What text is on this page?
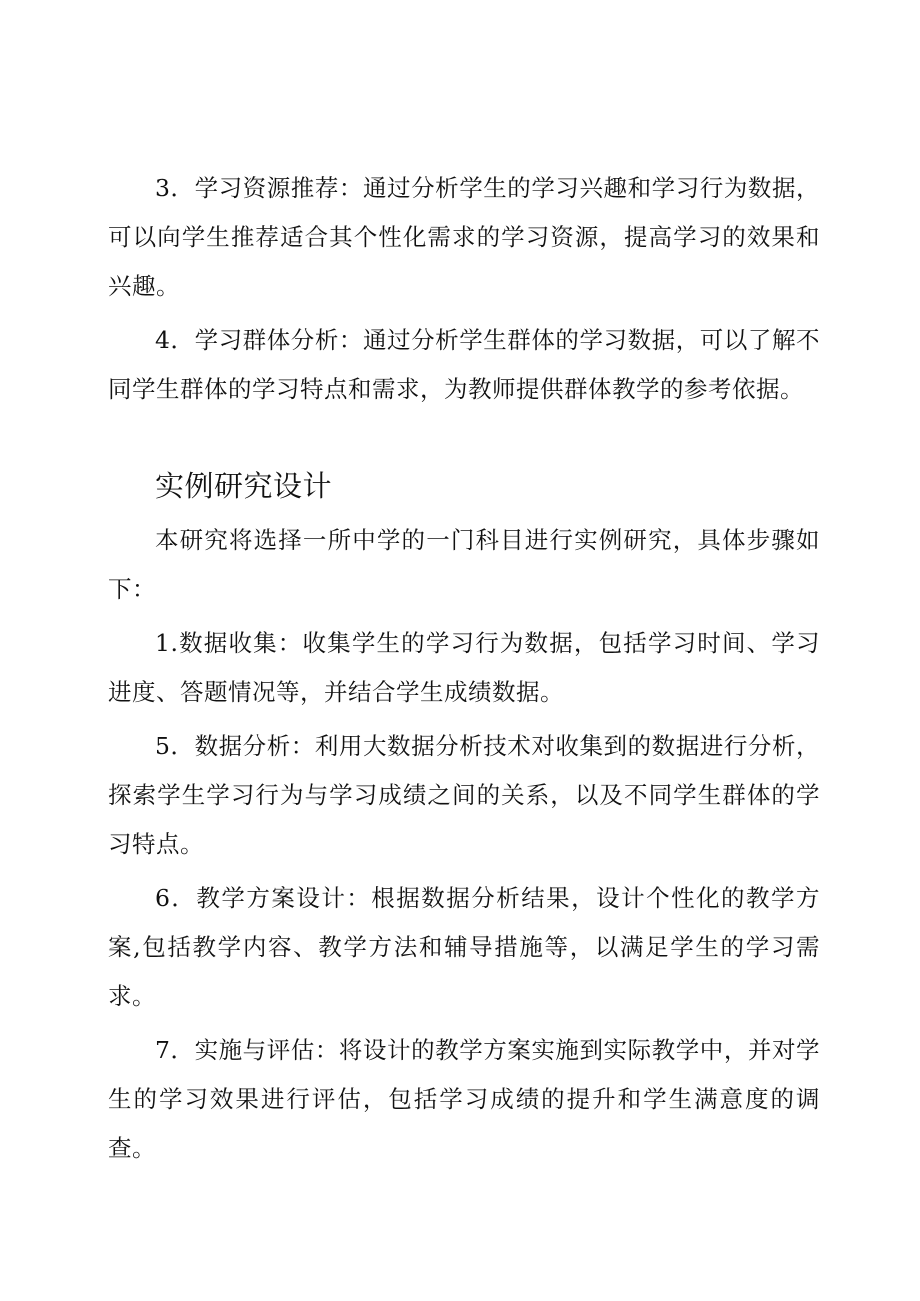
3．学习资源推荐：通过分析学生的学习兴趣和学习行为数据，可以向学生推荐适合其个性化需求的学习资源，提高学习的效果和兴趣。

4．学习群体分析：通过分析学生群体的学习数据，可以了解不同学生群体的学习特点和需求，为教师提供群体教学的参考依据。

实例研究设计

本研究将选择一所中学的一门科目进行实例研究，具体步骤如下：

1.数据收集：收集学生的学习行为数据，包括学习时间、学习进度、答题情况等，并结合学生成绩数据。

5．数据分析：利用大数据分析技术对收集到的数据进行分析，探索学生学习行为与学习成绩之间的关系，以及不同学生群体的学习特点。

6．教学方案设计：根据数据分析结果，设计个性化的教学方案,包括教学内容、教学方法和辅导措施等，以满足学生的学习需求。

7．实施与评估：将设计的教学方案实施到实际教学中，并对学生的学习效果进行评估，包括学习成绩的提升和学生满意度的调查。
